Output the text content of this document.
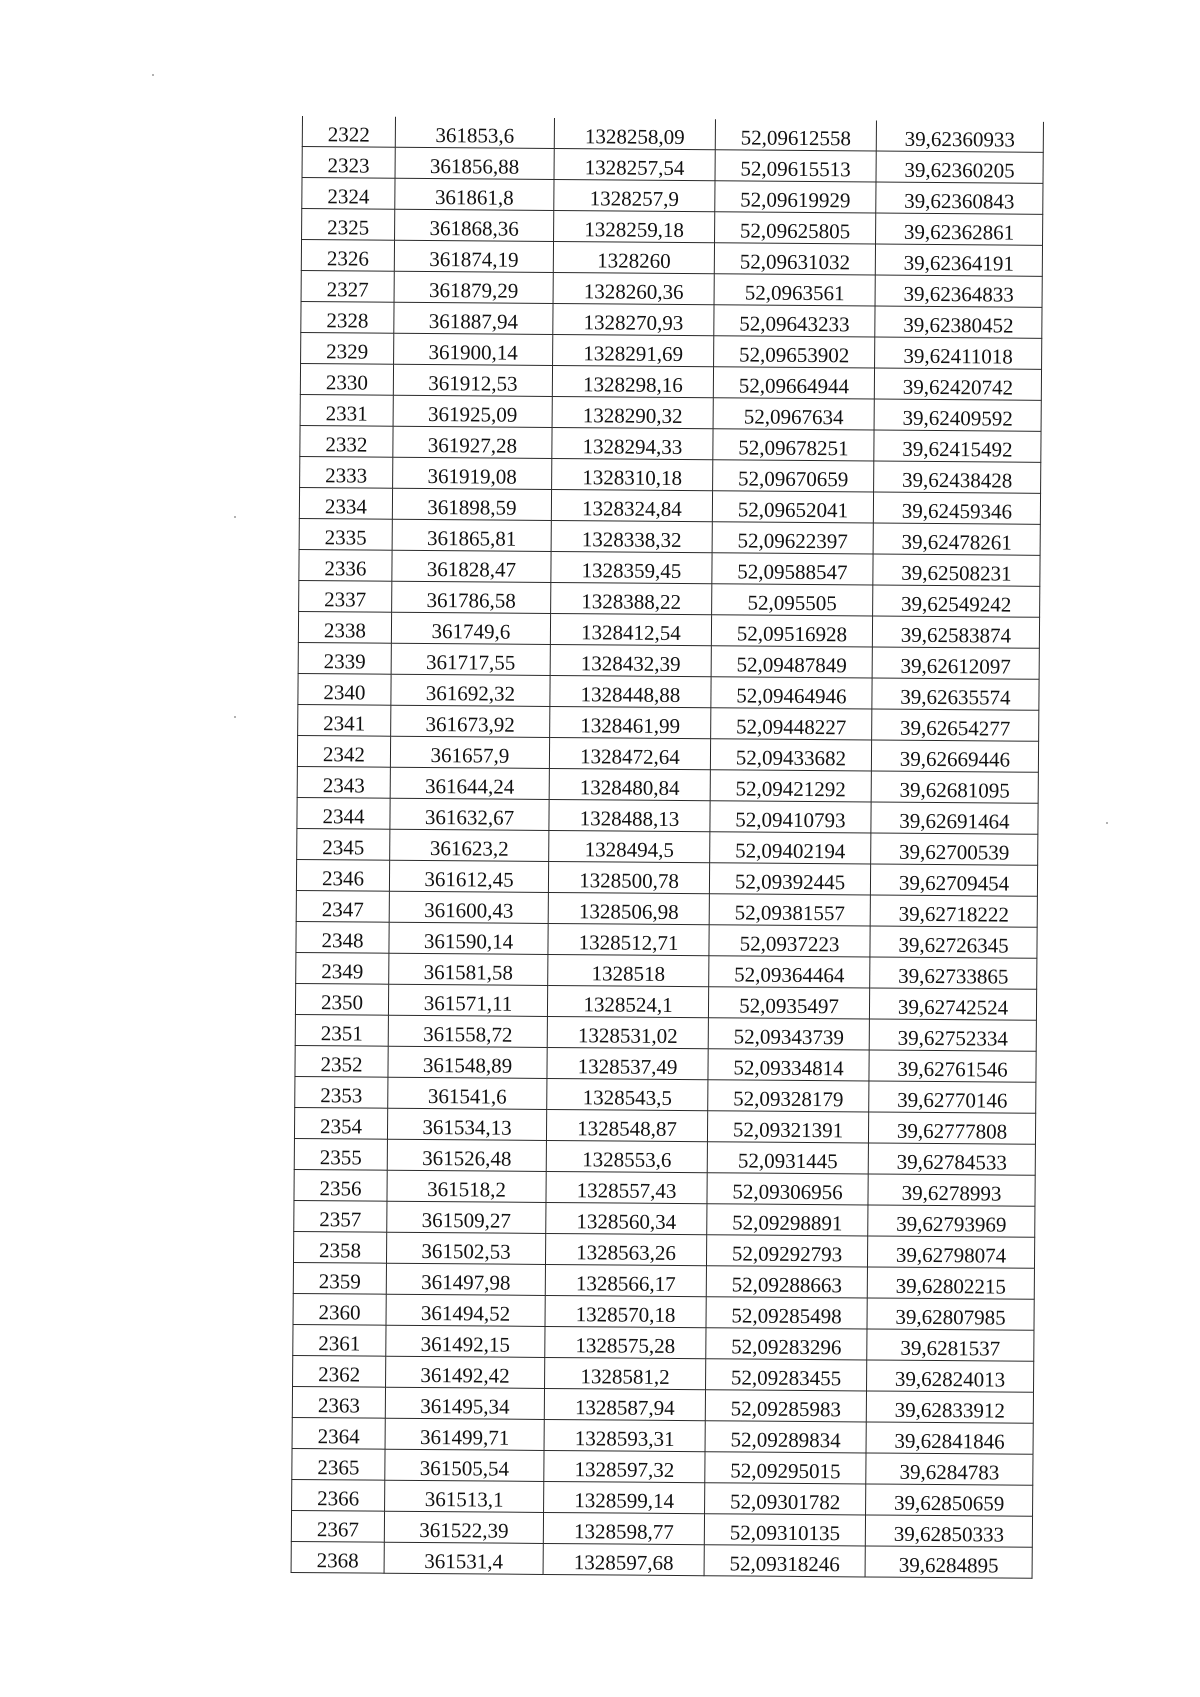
2322	361853,6	1328258,09	52,09612558	39,62360933
2323	361856,88	1328257,54	52,09615513	39,62360205
2324	361861,8	1328257,9	52,09619929	39,62360843
2325	361868,36	1328259,18	52,09625805	39,62362861
2326	361874,19	1328260	52,09631032	39,62364191
2327	361879,29	1328260,36	52,0963561	39,62364833
2328	361887,94	1328270,93	52,09643233	39,62380452
2329	361900,14	1328291,69	52,09653902	39,62411018
2330	361912,53	1328298,16	52,09664944	39,62420742
2331	361925,09	1328290,32	52,0967634	39,62409592
2332	361927,28	1328294,33	52,09678251	39,62415492
2333	361919,08	1328310,18	52,09670659	39,62438428
2334	361898,59	1328324,84	52,09652041	39,62459346
2335	361865,81	1328338,32	52,09622397	39,62478261
2336	361828,47	1328359,45	52,09588547	39,62508231
2337	361786,58	1328388,22	52,095505	39,62549242
2338	361749,6	1328412,54	52,09516928	39,62583874
2339	361717,55	1328432,39	52,09487849	39,62612097
2340	361692,32	1328448,88	52,09464946	39,62635574
2341	361673,92	1328461,99	52,09448227	39,62654277
2342	361657,9	1328472,64	52,09433682	39,62669446
2343	361644,24	1328480,84	52,09421292	39,62681095
2344	361632,67	1328488,13	52,09410793	39,62691464
2345	361623,2	1328494,5	52,09402194	39,62700539
2346	361612,45	1328500,78	52,09392445	39,62709454
2347	361600,43	1328506,98	52,09381557	39,62718222
2348	361590,14	1328512,71	52,0937223	39,62726345
2349	361581,58	1328518	52,09364464	39,62733865
2350	361571,11	1328524,1	52,0935497	39,62742524
2351	361558,72	1328531,02	52,09343739	39,62752334
2352	361548,89	1328537,49	52,09334814	39,62761546
2353	361541,6	1328543,5	52,09328179	39,62770146
2354	361534,13	1328548,87	52,09321391	39,62777808
2355	361526,48	1328553,6	52,0931445	39,62784533
2356	361518,2	1328557,43	52,09306956	39,6278993
2357	361509,27	1328560,34	52,09298891	39,62793969
2358	361502,53	1328563,26	52,09292793	39,62798074
2359	361497,98	1328566,17	52,09288663	39,62802215
2360	361494,52	1328570,18	52,09285498	39,62807985
2361	361492,15	1328575,28	52,09283296	39,6281537
2362	361492,42	1328581,2	52,09283455	39,62824013
2363	361495,34	1328587,94	52,09285983	39,62833912
2364	361499,71	1328593,31	52,09289834	39,62841846
2365	361505,54	1328597,32	52,09295015	39,6284783
2366	361513,1	1328599,14	52,09301782	39,62850659
2367	361522,39	1328598,77	52,09310135	39,62850333
2368	361531,4	1328597,68	52,09318246	39,6284895
